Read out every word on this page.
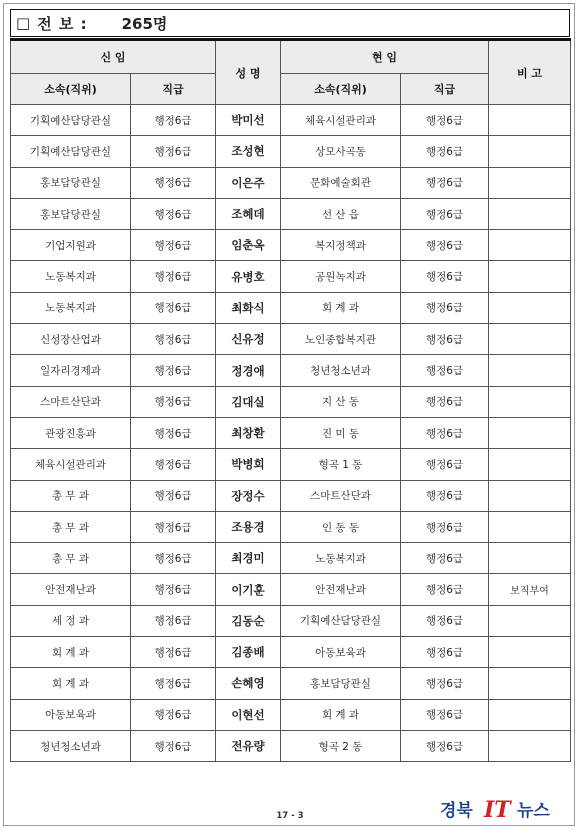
□ 전 보 : 265명
신 임		성 명	현 임		비 고
소속(직위)	직급		소속(직위)	직급	
기획예산담당관실	행정6급	박미선	체육시설관리과	행정6급	
기획예산담당관실	행정6급	조성현	상모사곡동	행정6급	
홍보담당관실	행정6급	이은주	문화예술회관	행정6급	
홍보담당관실	행정6급	조혜데	선 산 읍	행정6급	
기업지원과	행정6급	임춘옥	복지정책과	행정6급	
노동복지과	행정6급	유병호	공원녹지과	행정6급	
노동복지과	행정6급	최화식	회 계 과	행정6급	
신성장산업과	행정6급	신유정	노인종합복지관	행정6급	
일자리경제과	행정6급	정경애	청년청소년과	행정6급	
스마트산단과	행정6급	김대실	지 산 동	행정6급	
관광진흥과	행정6급	최창환	진 미 동	행정6급	
체육시설관리과	행정6급	박병희	형곡 1 동	행정6급	
총 무 과	행정6급	장정수	스마트산단과	행정6급	
총 무 과	행정6급	조용경	인 동 동	행정6급	
총 무 과	행정6급	최경미	노동복지과	행정6급	
안전재난과	행정6급	이기훈	안전재난과	행정6급	보직부여
세 정 과	행정6급	김동순	기획예산담당관실	행정6급	
회 계 과	행정6급	김종배	아동보육과	행정6급	
회 계 과	행정6급	손혜영	홍보담당관실	행정6급	
아동보육과	행정6급	이현선	회 계 과	행정6급	
청년청소년과	행정6급	전유량	형곡 2 동	행정6급	
17 - 3	경북 IT 뉴스
